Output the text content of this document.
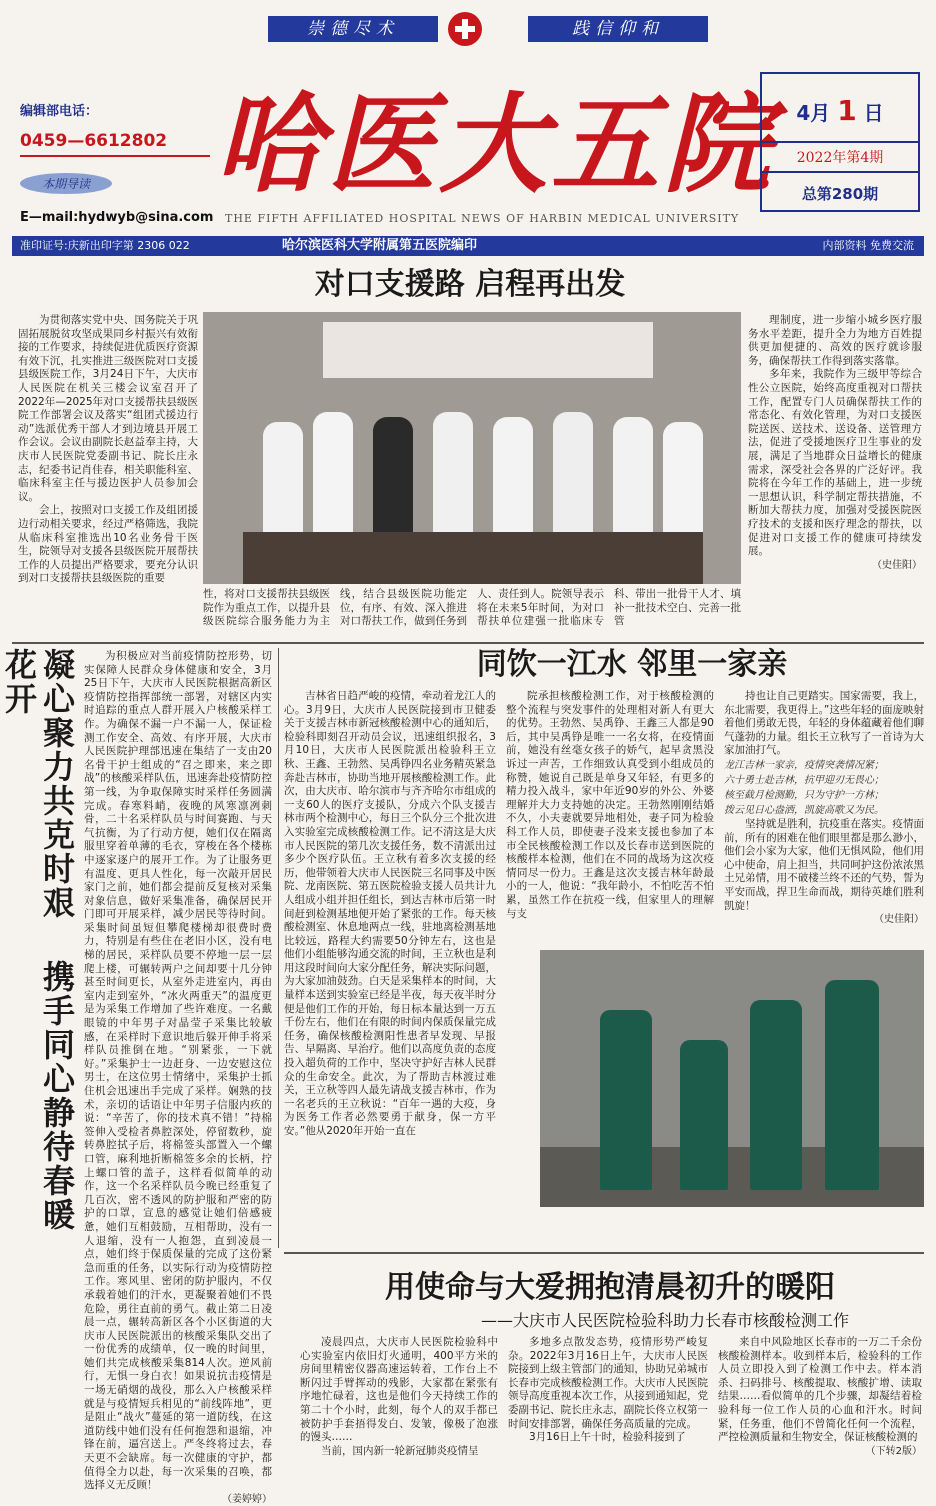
崇德尽术	践信仰和
编辑部电话：
0459—6612802
本期导读
E—mail:hydwyb@sina.com
哈医大五院
THE FIFTH AFFILIATED HOSPITAL NEWS OF HARBIN MEDICAL UNIVERSITY
4月 1 日
2022年第4期
总第280期
准印证号:庆新出印字第 2306 022	哈尔滨医科大学附属第五医院编印	内部资料 免费交流
对口支援路 启程再出发

为贯彻落实党中央、国务院关于巩固拓展脱贫攻坚成果同乡村振兴有效衔接的工作要求，持续促进优质医疗资源有效下沉，扎实推进三级医院对口支援县级医院工作，3月24日下午，大庆市人民医院在机关三楼会议室召开了2022年—2025年对口支援帮扶县级医院工作部署会议及落实“组团式援边行动”选派优秀干部人才到边境县开展工作会议。会议由副院长赵益奉主持，大庆市人民医院党委副书记、院长庄永志，纪委书记肖佳春，相关职能科室、临床科室主任与援边医护人员参加会议。

会上，按照对口支援工作及组团援边行动相关要求，经过严格筛选，我院从临床科室推选出10名业务骨干医生，院领导对支援各县级医院开展帮扶工作的人员提出严格要求，要充分认识到对口支援帮扶县级医院的重要

性，将对口支援帮扶县级医院作为重点工作，以提升县级医院综合服务能力为主线，结合县级医院功能定位，有序、有效、深入推进对口帮扶工作，做到任务到人、责任到人。院领导表示将在未来5年时间，为对口帮扶单位建强一批临床专科、带出一批骨干人才、填补一批技术空白、完善一批管

理制度，进一步缩小城乡医疗服务水平差距，提升全力为地方百姓提供更加便捷的、高效的医疗就诊服务，确保帮扶工作得到落实落靠。

多年来，我院作为三级甲等综合性公立医院，始终高度重视对口帮扶工作，配置专门人员确保帮扶工作的常态化、有效化管理，为对口支援医院送医、送技术、送设备、送管理方法，促进了受援地医疗卫生事业的发展，满足了当地群众日益增长的健康需求，深受社会各界的广泛好评。我院将在今年工作的基础上，进一步统一思想认识，科学制定帮扶措施，不断加大帮扶力度，加强对受援医院医疗技术的支援和医疗理念的帮扶，以促进对口支援工作的健康可持续发展。

（史佳阳）
凝心聚力共克时艰 携手同心静待春暖花开	为积极应对当前疫情防控形势，切实保障人民群众身体健康和安全，3月25日下午，大庆市人民医院根据高新区疫情防控指挥部统一部署，对辖区内实时追踪的重点人群开展入户核酸采样工作。为确保不漏一户不漏一人，保证检测工作安全、高效、有序开展，大庆市人民医院护理部迅速在集结了一支由20名骨干护士组成的“召之即来，来之即战”的核酸采样队伍，迅速奔赴疫情防控第一线，为争取保障实时采样任务圆满完成。春寒料峭，夜晚的风寒凛冽刺骨，二十名采样队员与时间赛跑、与天气抗衡，为了行动方便，她们仅在隔离服里穿着单薄的毛衣，穿梭在各个楼栋中逐家逐户的展开工作。为了让服务更有温度、更具人性化，每一次敲开居民家门之前，她们都会提前反复核对采集对象信息，做好采集准备，确保居民开门即可开展采样，减少居民等待时间。采集时间虽短但攀爬楼梯却很费时费力，特别是有些住在老旧小区，没有电梯的居民，采样队员要不停地一层一层爬上楼，可辗转两户之间却要十几分钟甚至时间更长，从室外走进室内，再由室内走到室外，“冰火两重天”的温度更是为采集工作增加了些许难度。一名戴眼镜的中年男子对晶莹子采集比较敏感，在采样时下意识地后躲开伸手将采样队员推倒在地。“别紧张，一下就好。”采集护士一边赶身、一边安慰这位男士，在这位男士情绪中，采集护士抓住机会迅速出手完成了采样。娴熟的技术，亲切的话语让中年男子信服内疚的说：“辛苦了，你的技术真不错！”持棉签伸入受检者鼻腔深处，停留数秒，旋转鼻腔拭子后，将棉签头部置入一个螺口管，麻利地折断棉签多余的长柄，拧上螺口管的盖子，这样看似简单的动作，这一个名采样队员今晚已经重复了几百次，密不透风的防护服和严密的防护的口罩，宣息的感觉让她们倍感疲惫，她们互相鼓励，互相帮助，没有一人退缩，没有一人抱怨，直到凌晨一点，她们终于保质保量的完成了这份紧急而重的任务，以实际行动为疫情防控工作。寒风里、密闭的防护服内，不仅承载着她们的汗水，更凝聚着她们不畏危险，勇往直前的勇气。截止第二日凌晨一点，辗转高新区各个小区街道的大庆市人民医院派出的核酸采集队交出了一份优秀的成绩单，仅一晚的时间里，她们共完成核酸采集814人次。逆风前行，无惧一身白衣！如果说抗击疫情是一场无硝烟的战役，那么入户核酸采样就是与疫情短兵相见的“前线阵地”，更是阻止“战火”蔓延的第一道防线，在这道防线中她们没有任何抱怨和退缩，冲锋在前，逼宫送上。严冬终将过去，春天更不会缺席。每一次健康的守护，都值得全力以赴，每一次采集的召唤，都选择义无反顾！

（姜婷婷）
同饮一江水 邻里一家亲

吉林省日趋严峻的疫情，牵动着龙江人的心。3月9日，大庆市人民医院接到市卫健委关于支援吉林市新冠核酸检测中心的通知后，检验科即刻召开动员会议，迅速组织报名，3月10日，大庆市人民医院派出检验科王立秋、王鑫、王勃然、吴禹铮四名业务精英紧急奔赴吉林市，协助当地开展核酸检测工作。此次，由大庆市、哈尔滨市与齐齐哈尔市组成的一支60人的医疗支援队，分成六个队支援吉林市两个检测中心，每日三个队分三个批次进入实验室完成核酸检测工作。记不清这是大庆市人民医院的第几次支援任务，数不清派出过多少个医疗队伍。王立秋有着多次支援的经历，他带领着大庆市人民医院三名同事及中医院、龙南医院、第五医院检验支援人员共计九人组成小组并担任组长，到达吉林市后第一时间赶到检测基地便开始了紧张的工作。每天核酸检测室、休息地两点一线，驻地离检测基地比较远，路程大约需要50分钟左右，这也是他们小组能够沟通交流的时间，王立秋也是利用这段时间向大家分配任务，解决实际问题，为大家加油鼓劲。白天是采集样本的时间，大量样本送到实验室已经是半夜，每天夜半时分便是他们工作的开始，每日标本量达到一万五千份左右，他们在有限的时间内保质保量完成任务，确保核酸检测阳性患者早发现、早报告、早隔离、早治疗。他们以高度负责的态度投入超负荷的工作中，坚决守护好吉林人民群众的生命安全。此次，为了帮助吉林渡过难关，王立秋等四人最先请战支援吉林市，作为一名老兵的王立秋说：“百年一遇的大疫，身为医务工作者必然要勇于献身，保一方平安。”他从2020年开始一直在

院承担核酸检测工作，对于核酸检测的整个流程与突发事件的处理相对新人有更大的优势。王勃然、吴禹铮、王鑫三人都是90后，其中吴禹铮是唯一一名女将，在疫情面前，她没有丝毫女孩子的娇气，起早贪黑没诉过一声苦，工作细致认真受到小组成员的称赞，她说自己既是单身又年轻，有更多的精力投入战斗，家中年近90岁的外公、外婆理解并大力支持她的决定。王勃然刚刚结婚不久，小夫妻就要异地相处，妻子同为检验科工作人员，即使妻子没来支援也参加了本市全民核酸检测工作以及长春市送到医院的核酸样本检测，他们在不同的战场为这次疫情同尽一份力。王鑫是这次支援吉林年龄最小的一人，他说：“我年龄小，不怕吃苦不怕累，虽然工作在抗疫一线，但家里人的理解与支

持也让自己更踏实。国家需要，我上，东北需要，我更得上。”这些年轻的面庞映射着他们勇敢无畏，年轻的身体蕴藏着他们聊气蓬勃的力量。组长王立秋写了一首诗为大家加油打气。

龙江吉林一家亲，疫情突袭情况紧；
六十勇士赴吉林，抗甲迎刃无畏心；
核至截月检测勤，只为守护一方林；
拨云见日心盎洒，凯旋高歌又为民。

坚持就是胜利，抗疫重在落实。疫情面前，所有的困难在他们眼里都是那么渺小，他们会小家为大家，他们无惧风险，他们用心中使命，肩上担当，共同呵护这份浓浓黑土兄弟情，用不破楼兰终不还的气势，誓为平安而战，捍卫生命而战，期待英雄们胜利凯旋！

（史佳阳）
用使命与大爱拥抱清晨初升的暖阳
——大庆市人民医院检验科助力长春市核酸检测工作

凌晨四点，大庆市人民医院检验科中心实验室内依旧灯火通明，400平方米的房间里精密仪器高速运转着，工作台上不断闪过手臂挥动的残影，大家都在紧张有序地忙碌着，这也是他们今天持续工作的第二十个小时，此刻，每个人的双手都已被防护手套捂得发白、发皱，像极了泡涨的馒头……

当前，国内新一轮新冠肺炎疫情呈

多地多点散发态势，疫情形势严峻复杂。2022年3月16日上午，大庆市人民医院接到上级主管部门的通知，协助兄弟城市长春市完成核酸检测工作。大庆市人民医院领导高度重视本次工作，从接到通知起，党委副书记、院长庄永志，副院长佟立权第一时间安排部署，确保任务高质量的完成。

3月16日上午十时，检验科接到了

来自中风险地区长春市的一万二千余份核酸检测样本。收到样本后，检验科的工作人员立即投入到了检测工作中去。样本消杀、扫码排号、核酸提取、核酸扩增、读取结果……看似简单的几个步骤，却凝结着检验科每一位工作人员的心血和汗水。时间紧，任务重，他们不曾简化任何一个流程，严控检测质量和生物安全，保证核酸检测的

（下转2版）
